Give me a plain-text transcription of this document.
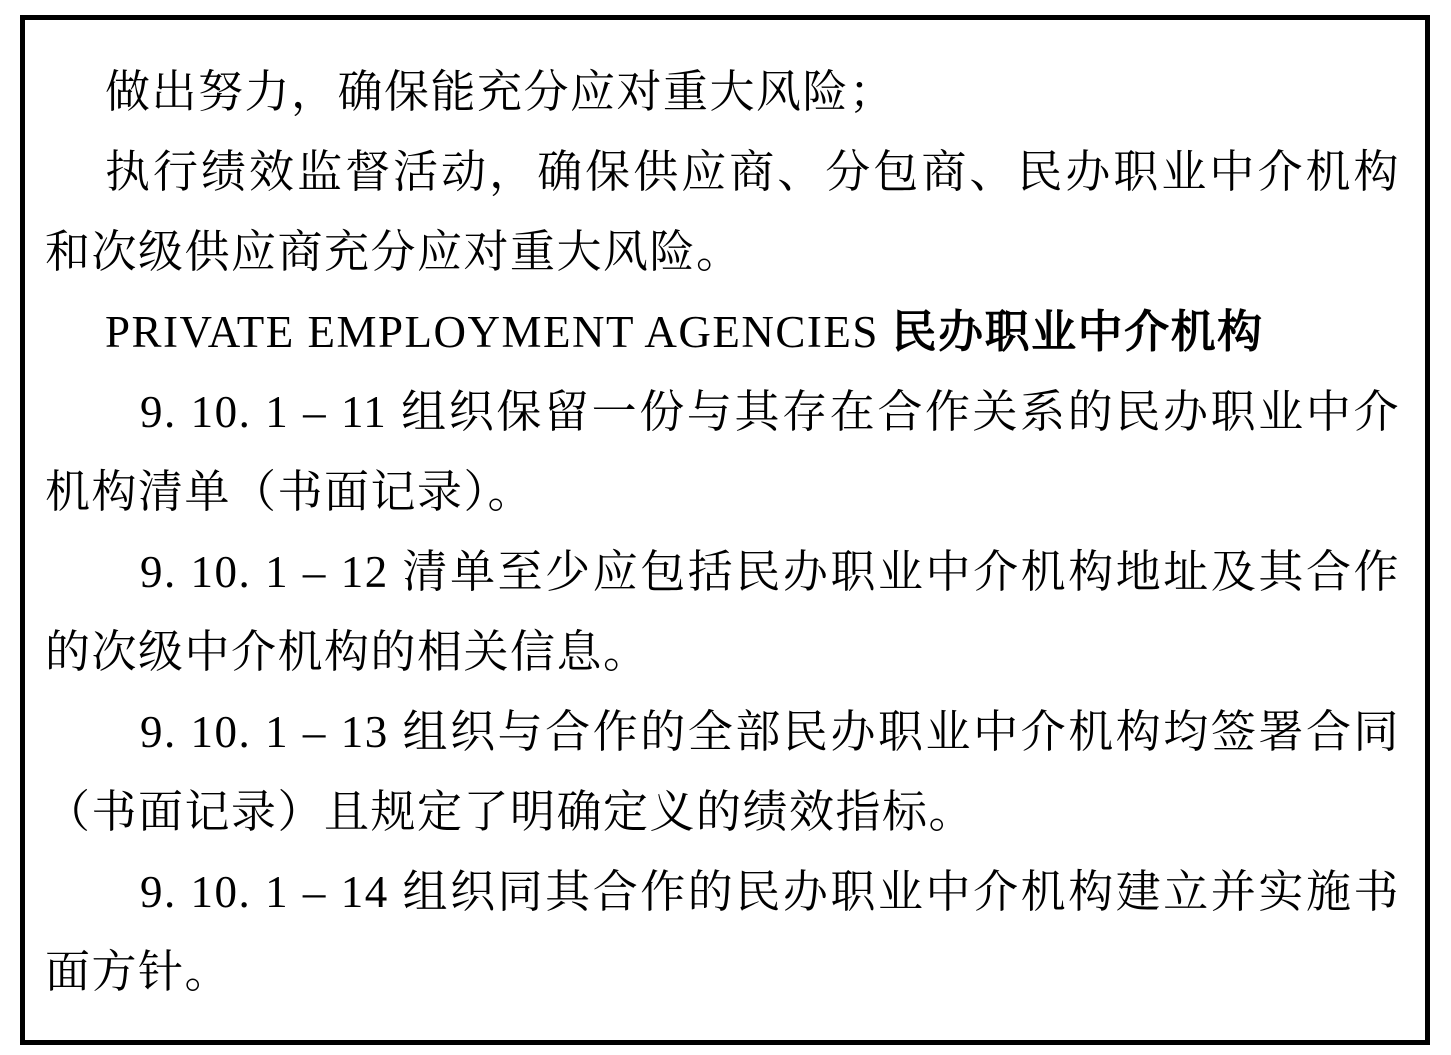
做出努力，确保能充分应对重大风险；

执行绩效监督活动，确保供应商、分包商、民办职业中介机构和次级供应商充分应对重大风险。

PRIVATE EMPLOYMENT AGENCIES 民办职业中介机构

9. 10. 1 – 11 组织保留一份与其存在合作关系的民办职业中介机构清单（书面记录）。

9. 10. 1 – 12 清单至少应包括民办职业中介机构地址及其合作的次级中介机构的相关信息。

9. 10. 1 – 13 组织与合作的全部民办职业中介机构均签署合同（书面记录）且规定了明确定义的绩效指标。

9. 10. 1 – 14 组织同其合作的民办职业中介机构建立并实施书面方针。
